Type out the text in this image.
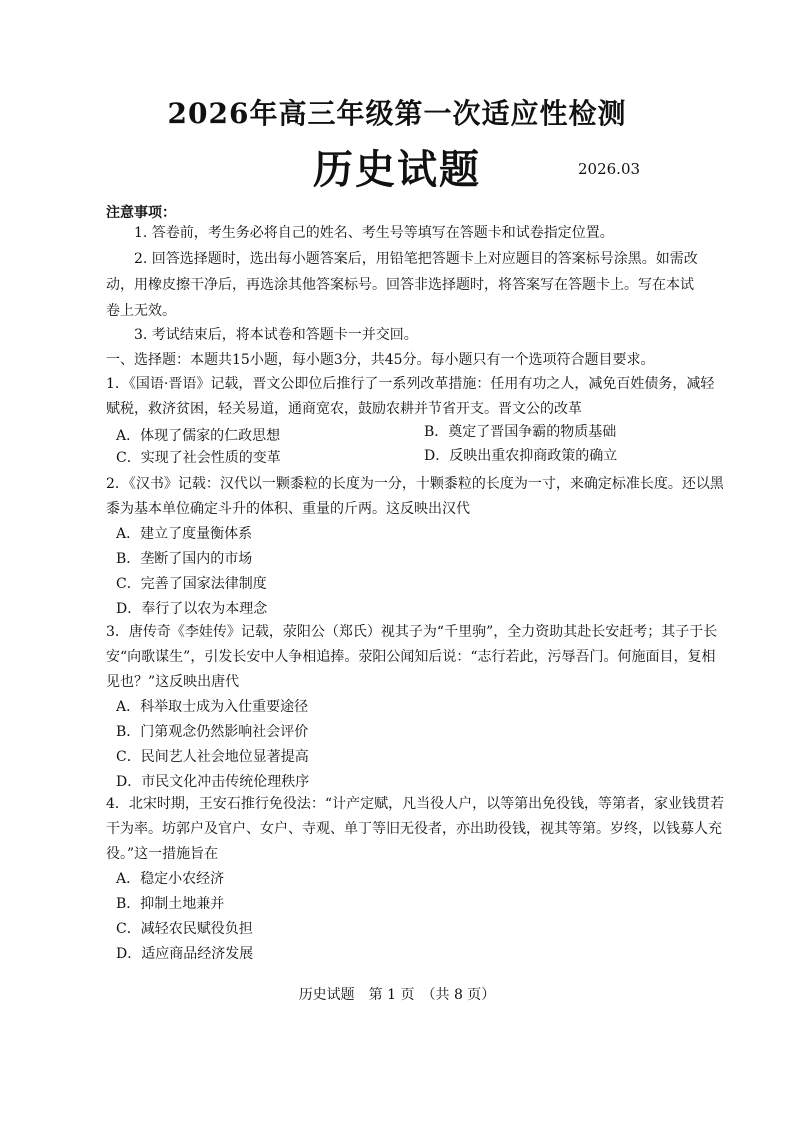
2026年高三年级第一次适应性检测
历史试题	2026.03
注意事项：
1. 答卷前，考生务必将自己的姓名、考生号等填写在答题卡和试卷指定位置。
2. 回答选择题时，选出每小题答案后，用铅笔把答题卡上对应题目的答案标号涂黑。如需改动，用橡皮擦干净后，再选涂其他答案标号。回答非选择题时，将答案写在答题卡上。写在本试卷上无效。
3. 考试结束后，将本试卷和答题卡一并交回。
一、选择题：本题共15小题，每小题3分，共45分。每小题只有一个选项符合题目要求。
1．《国语·晋语》记载，晋文公即位后推行了一系列改革措施：任用有功之人，减免百姓债务，减轻赋税，救济贫困，轻关易道，通商宽农，鼓励农耕并节省开支。晋文公的改革
A．体现了儒家的仁政思想	B．奠定了晋国争霸的物质基础
C．实现了社会性质的变革	D．反映出重农抑商政策的确立
2．《汉书》记载：汉代以一颗黍粒的长度为一分，十颗黍粒的长度为一寸，来确定标准长度。还以黑黍为基本单位确定斗升的体积、重量的斤两。这反映出汉代
A．建立了度量衡体系
B．垄断了国内的市场
C．完善了国家法律制度
D．奉行了以农为本理念
3．唐传奇《李娃传》记载，荥阳公（郑氏）视其子为“千里驹”，全力资助其赴长安赶考；其子于长安“向歌谋生”，引发长安中人争相追捧。荥阳公闻知后说：“志行若此，污辱吾门。何施面目，复相见也？”这反映出唐代
A．科举取士成为入仕重要途径
B．门第观念仍然影响社会评价
C．民间艺人社会地位显著提高
D．市民文化冲击传统伦理秩序
4．北宋时期，王安石推行免役法：“计产定赋，凡当役人户，以等第出免役钱，等第者，家业钱贯若干为率。坊郭户及官户、女户、寺观、单丁等旧无役者，亦出助役钱，视其等第。岁终，以钱募人充役。”这一措施旨在
A．稳定小农经济
B．抑制土地兼并
C．减轻农民赋役负担
D．适应商品经济发展
历史试题　第 1 页　（共 8 页）
